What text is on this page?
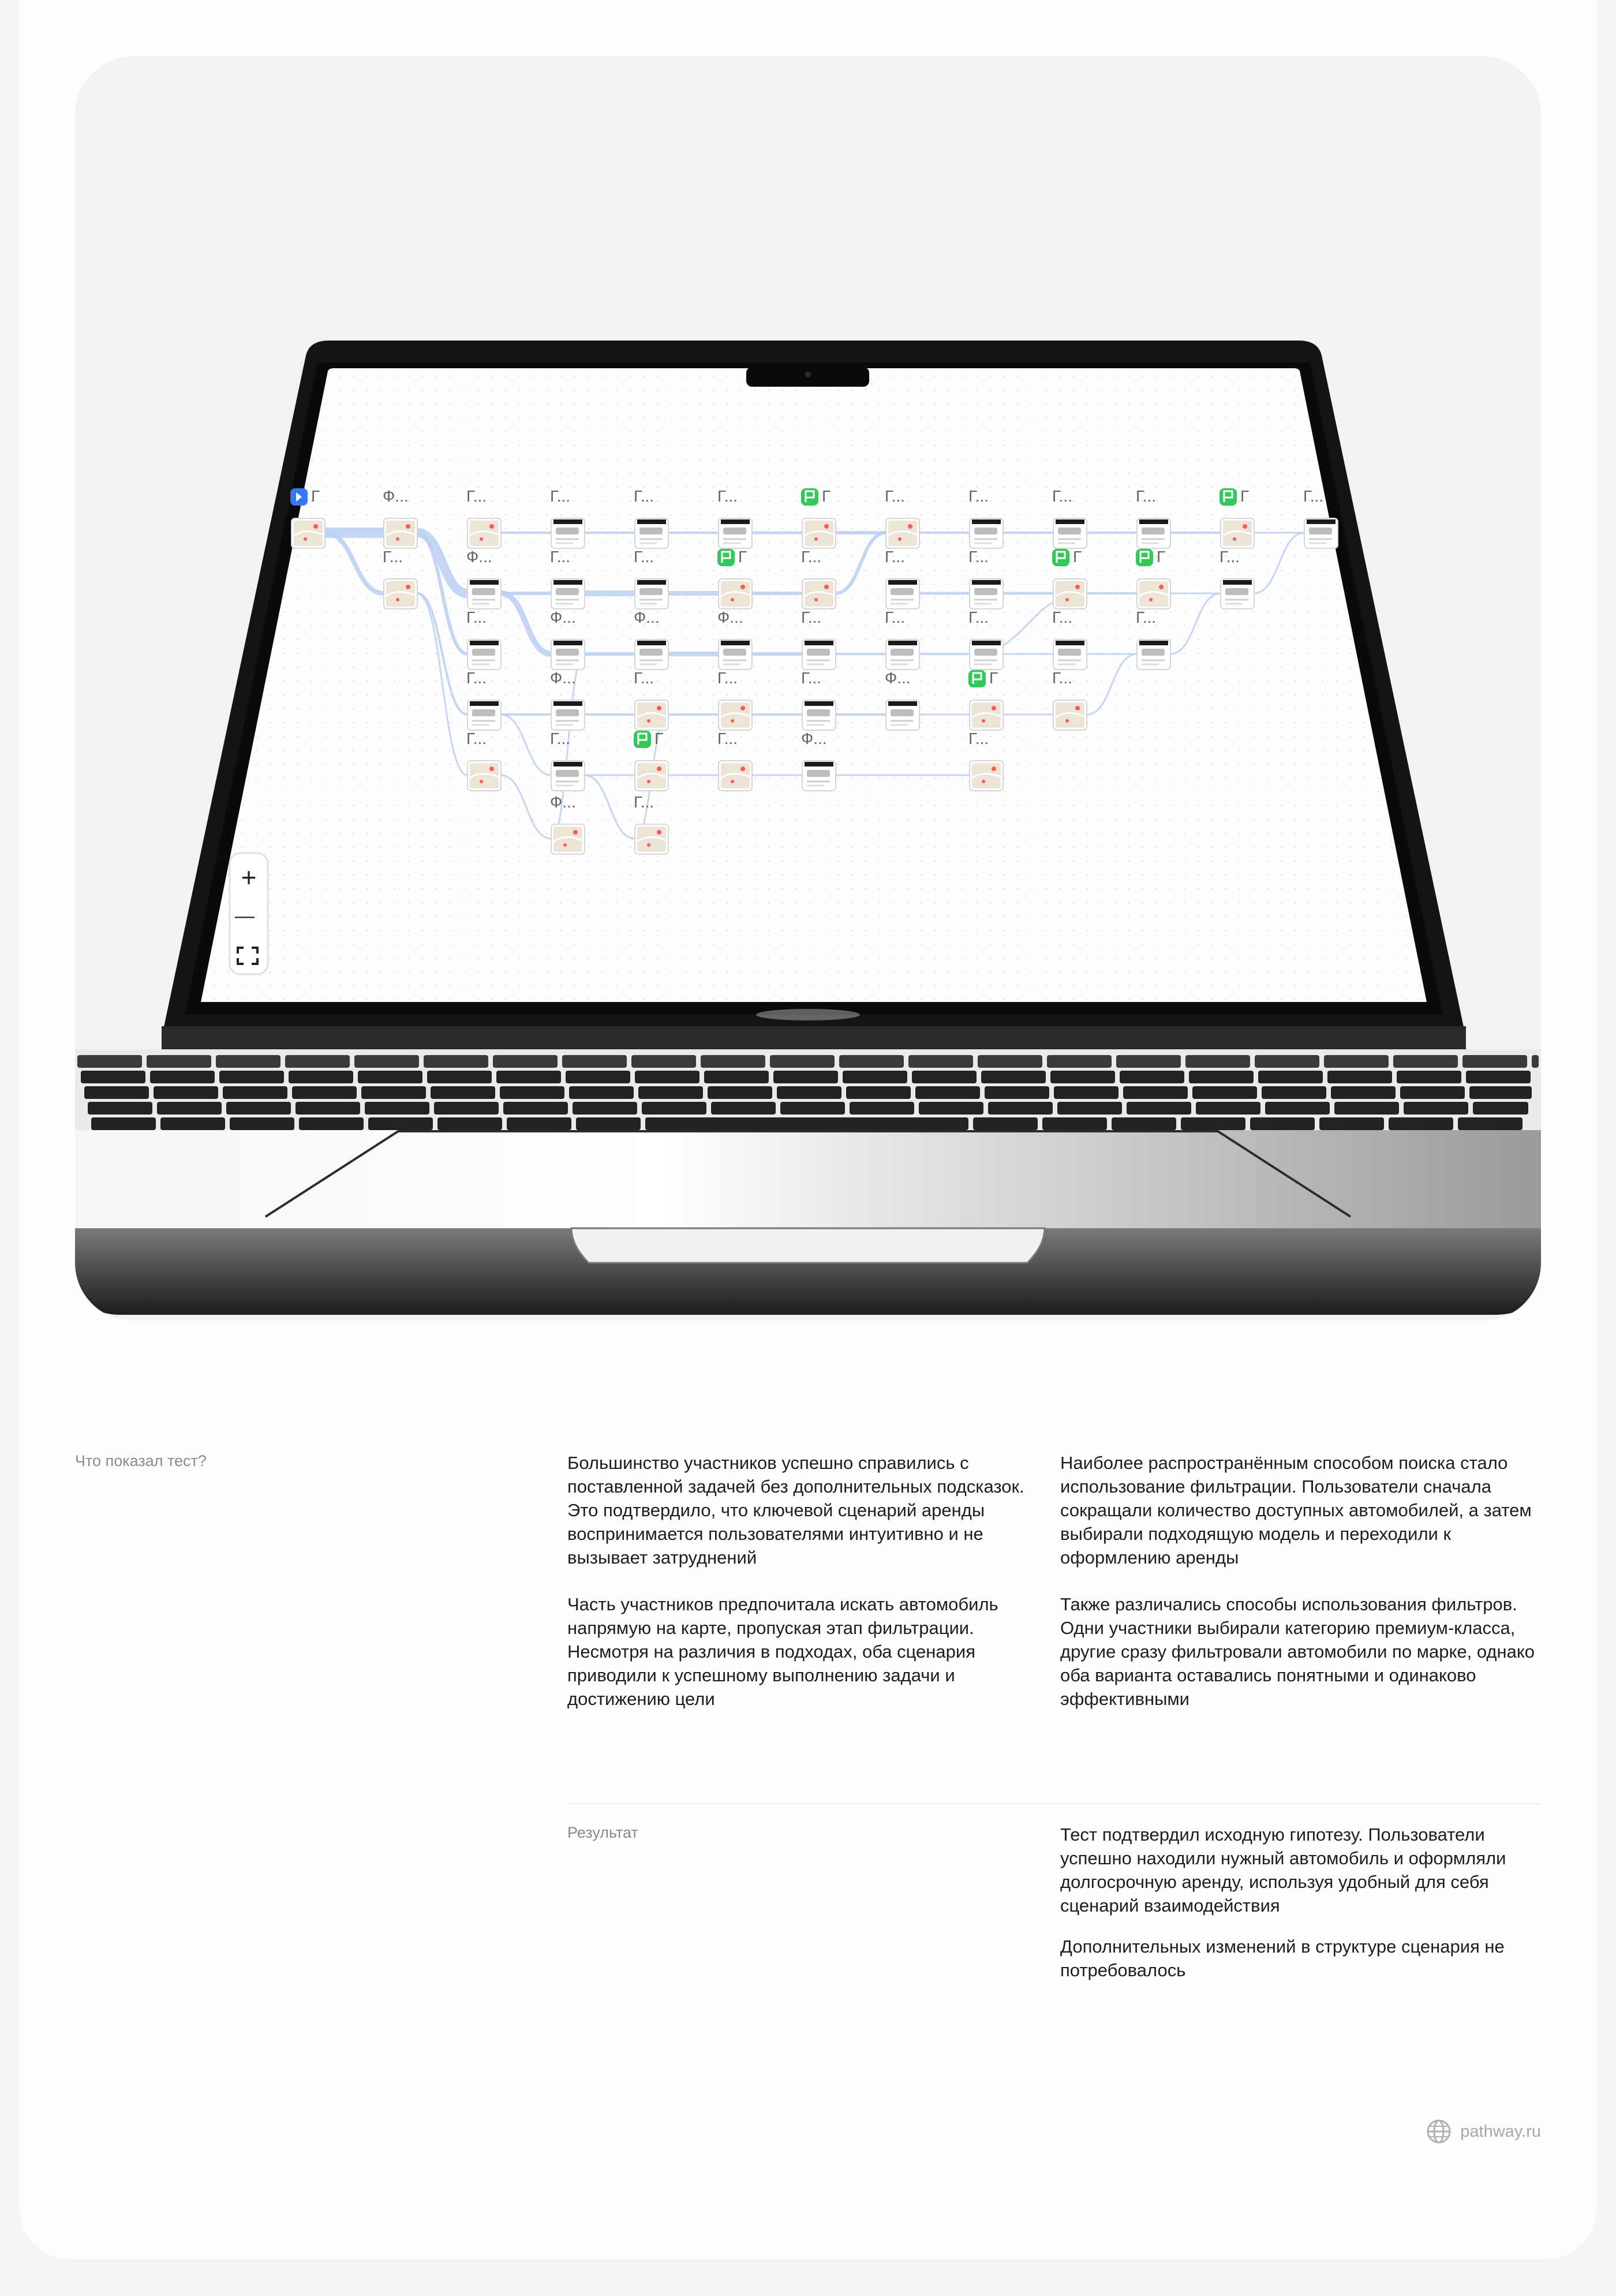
Г	Ф...	Г...	Г...	Г...	Г...	Г	Г...	Г...	Г...	Г...	Г	Г...
Г...	Ф...	Г...	Г...	Г	Г...	Г...	Г...	Г	Г	Г...
Г...	Ф...	Ф...	Ф...	Г...	Г...	Г...	Г...	Г...
Г...	Ф...	Г...	Г...	Г...	Ф...	Г	Г...
Г...	Г...	Г	Г...	Ф...	Г...
Ф...	Г...
+
—

Что показал тест?	Большинство участников успешно справились с поставленной задачей без дополнительных подсказок. Это подтвердило, что ключевой сценарий аренды воспринимается пользователями интуитивно и не вызывает затруднений

Часть участников предпочитала искать автомобиль напрямую на карте, пропуская этап фильтрации. Несмотря на различия в подходах, оба сценария приводили к успешному выполнению задачи и достижению цели

Наиболее распространённым способом поиска стало использование фильтрации. Пользователи сначала сокращали количество доступных автомобилей, а затем выбирали подходящую модель и переходили к оформлению аренды

Также различались способы использования фильтров. Одни участники выбирали категорию премиум-класса, другие сразу фильтровали автомобили по марке, однако оба варианта оставались понятными и одинаково эффективными

Результат	Тест подтвердил исходную гипотезу. Пользователи успешно находили нужный автомобиль и оформляли долгосрочную аренду, используя удобный для себя сценарий взаимодействия

Дополнительных изменений в структуре сценария не потребовалось

pathway.ru
